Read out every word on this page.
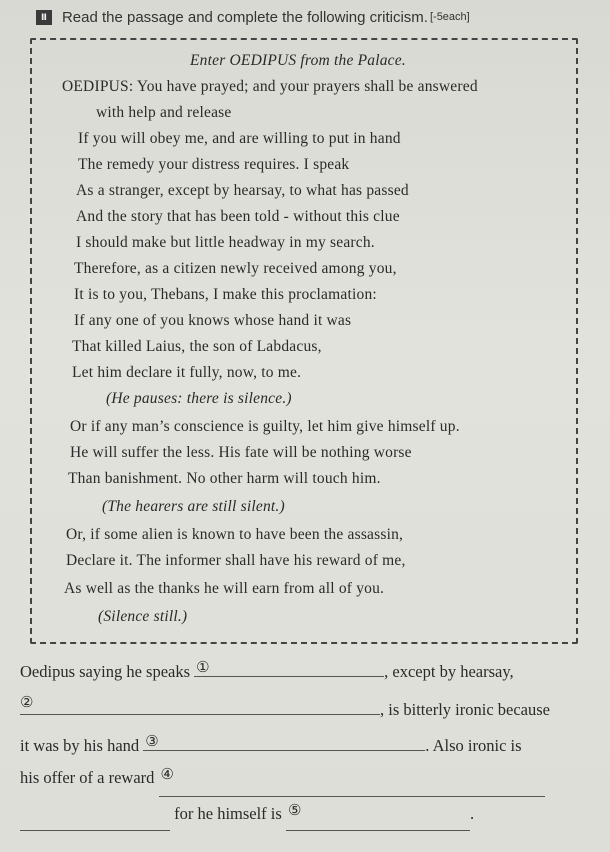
Ⅱ	Read the passage and complete the following criticism. [-5each]
Enter OEDIPUS from the Palace.
OEDIPUS: You have prayed; and your prayers shall be answered
with help and release
If you will obey me, and are willing to put in hand
The remedy your distress requires. I speak
As a stranger, except by hearsay, to what has passed
And the story that has been told - without this clue
I should make but little headway in my search.
Therefore, as a citizen newly received among you,
It is to you, Thebans, I make this proclamation:
If any one of you knows whose hand it was
That killed Laius, the son of Labdacus,
Let him declare it fully, now, to me.
(He pauses: there is silence.)
Or if any man’s conscience is guilty, let him give himself up.
He will suffer the less. His fate will be nothing worse
Than banishment. No other harm will touch him.
(The hearers are still silent.)
Or, if some alien is known to have been the assassin,
Declare it. The informer shall have his reward of me,
As well as the thanks he will earn from all of you.
(Silence still.)
Oedipus saying he speaks ①	, except by hearsay,
②	, is bitterly ironic because
it was by his hand ③	. Also ironic is
his offer of a reward ④
for he himself is ⑤	.
